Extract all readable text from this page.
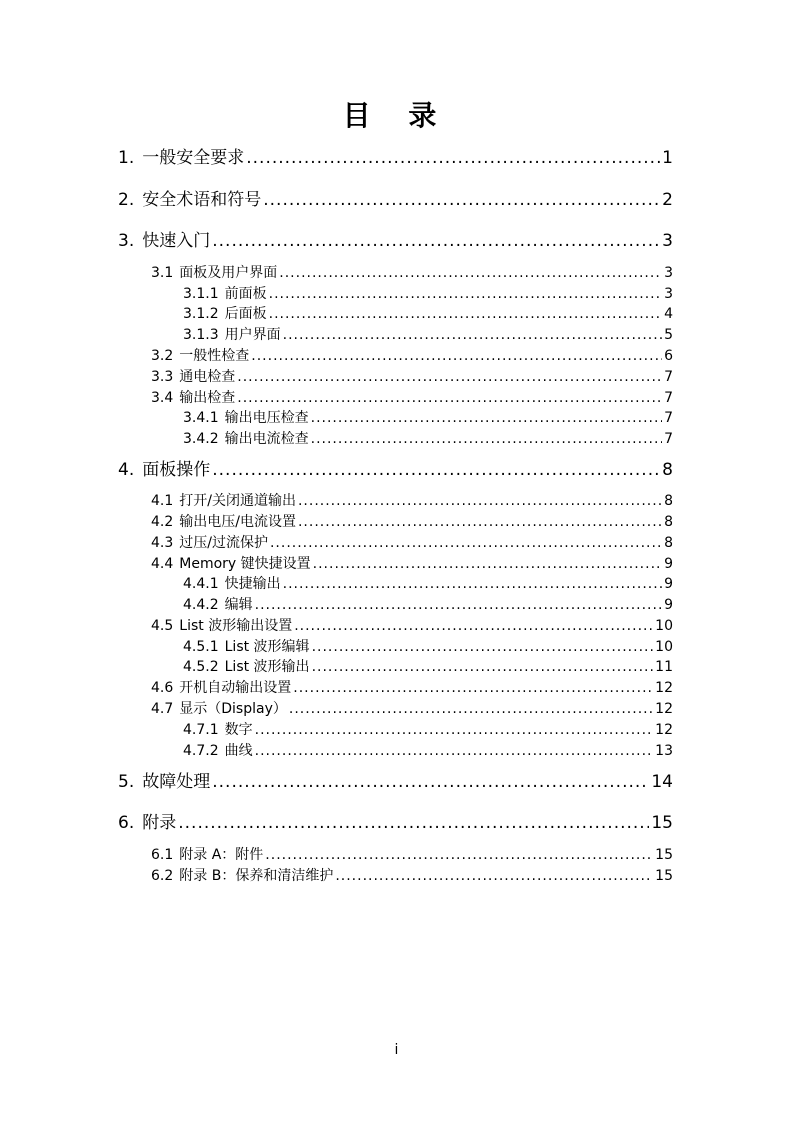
目 录
1. 一般安全要求 .....	1
2. 安全术语和符号 .....	2
3. 快速入门 .....	3
3.1 面板及用户界面 .....	3
3.1.1 前面板 .....	3
3.1.2 后面板 .....	4
3.1.3 用户界面 .....	5
3.2 一般性检查 .....	6
3.3 通电检查 .....	7
3.4 输出检查 .....	7
3.4.1 输出电压检查 .....	7
3.4.2 输出电流检查 .....	7
4. 面板操作 .....	8
4.1 打开/关闭通道输出 .....	8
4.2 输出电压/电流设置 .....	8
4.3 过压/过流保护 .....	8
4.4 Memory 键快捷设置 .....	9
4.4.1 快捷输出 .....	9
4.4.2 编辑 .....	9
4.5 List 波形输出设置 .....	10
4.5.1 List 波形编辑 .....	10
4.5.2 List 波形输出 .....	11
4.6 开机自动输出设置 .....	12
4.7 显示（Display） .....	12
4.7.1 数字 .....	12
4.7.2 曲线 .....	13
5. 故障处理 .....	14
6. 附录 .....	15
6.1 附录 A：附件 .....	15
6.2 附录 B：保养和清洁维护 .....	15
i
